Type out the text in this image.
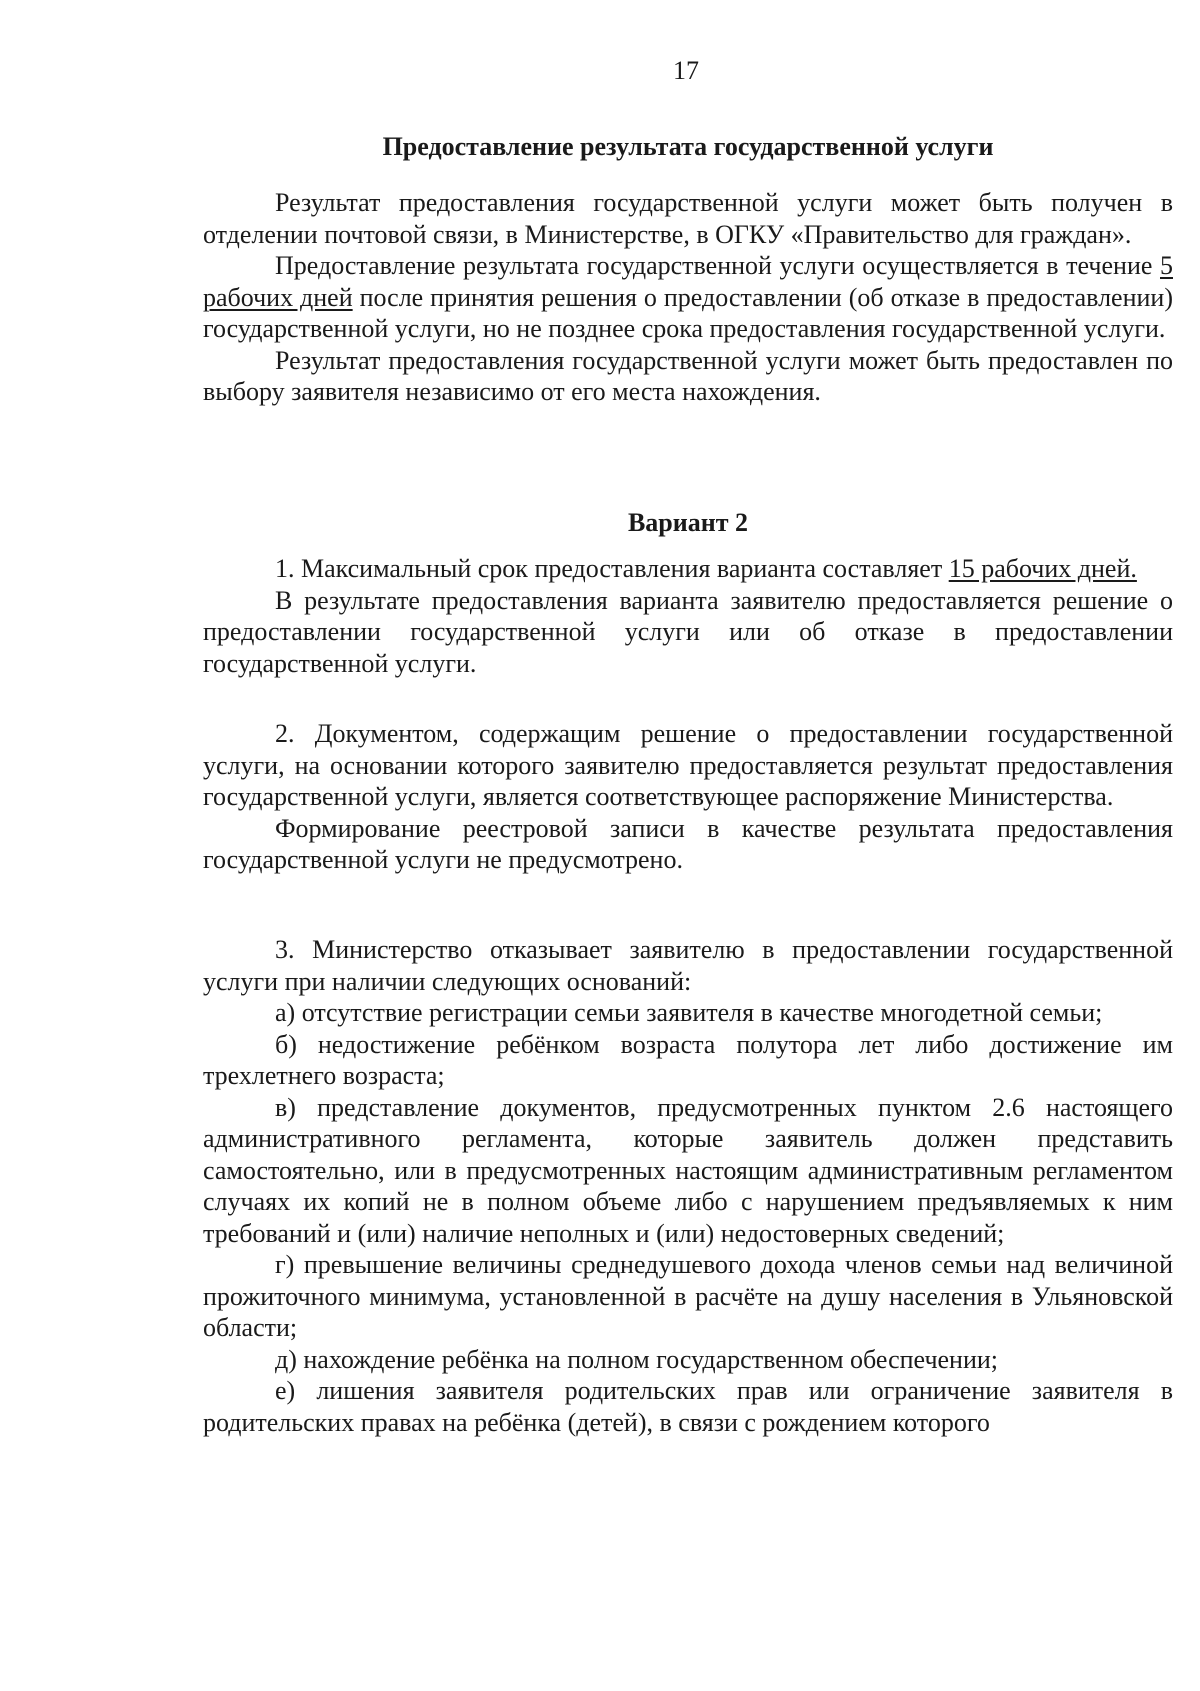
17

Предоставление результата государственной услуги

Результат предоставления государственной услуги может быть получен в отделении почтовой связи, в Министерстве, в ОГКУ «Правительство для граждан».

Предоставление результата государственной услуги осуществляется в течение 5 рабочих дней после принятия решения о предоставлении (об отказе в предоставлении) государственной услуги, но не позднее срока предоставления государственной услуги.

Результат предоставления государственной услуги может быть предоставлен по выбору заявителя независимо от его места нахождения.

Вариант 2

1. Максимальный срок предоставления варианта составляет 15 рабочих дней.

В результате предоставления варианта заявителю предоставляется решение о предоставлении государственной услуги или об отказе в предоставлении государственной услуги.

2. Документом, содержащим решение о предоставлении государственной услуги, на основании которого заявителю предоставляется результат предоставления государственной услуги, является соответствующее распоряжение Министерства.

Формирование реестровой записи в качестве результата предоставления государственной услуги не предусмотрено.

3. Министерство отказывает заявителю в предоставлении государственной услуги при наличии следующих оснований:

а) отсутствие регистрации семьи заявителя в качестве многодетной семьи;

б) недостижение ребёнком возраста полутора лет либо достижение им трехлетнего возраста;

в) представление документов, предусмотренных пунктом 2.6 настоящего административного регламента, которые заявитель должен представить самостоятельно, или в предусмотренных настоящим административным регламентом случаях их копий не в полном объеме либо с нарушением предъявляемых к ним требований и (или) наличие неполных и (или) недостоверных сведений;

г) превышение величины среднедушевого дохода членов семьи над величиной прожиточного минимума, установленной в расчёте на душу населения в Ульяновской области;

д) нахождение ребёнка на полном государственном обеспечении;

е) лишения заявителя родительских прав или ограничение заявителя в родительских правах на ребёнка (детей), в связи с рождением которого
